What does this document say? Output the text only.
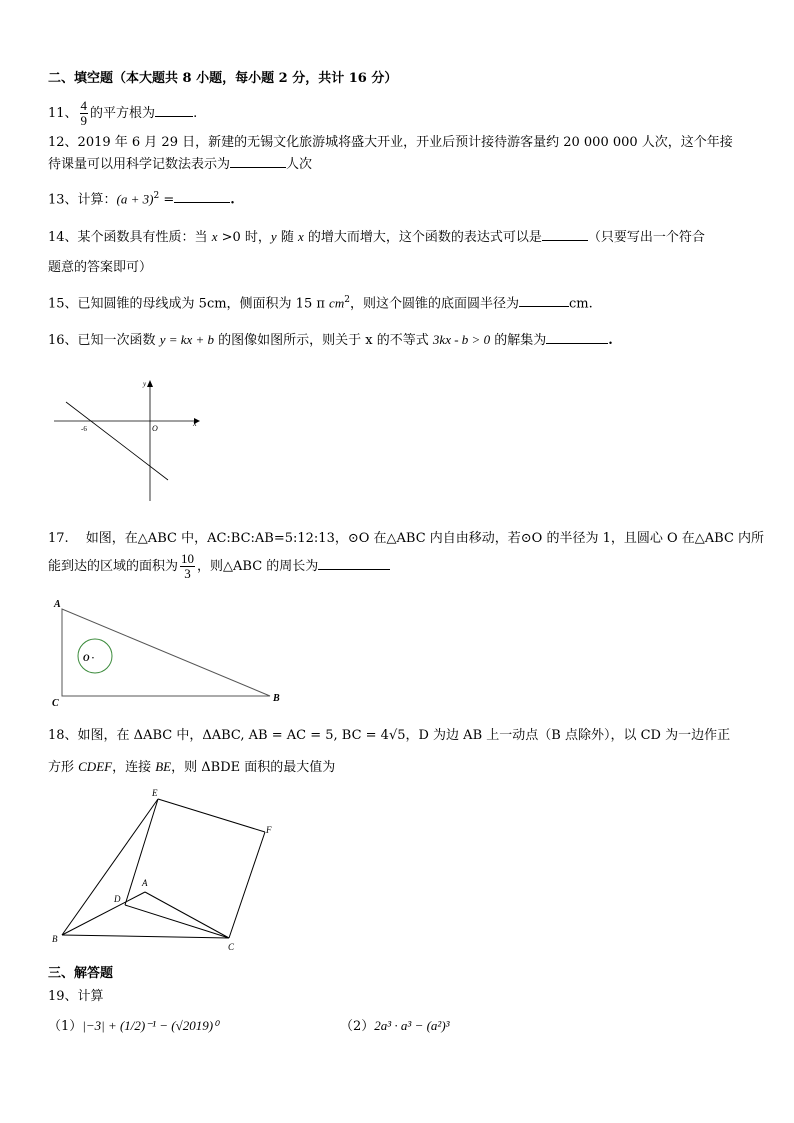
二、填空题（本大题共 8 小题，每小题 2 分，共计 16 分）
11、 $\frac{4}{9}$ 的平方根为	.
12、2019 年 6 月 29 日，新建的无锡文化旅游城将盛大开业，开业后预计接待游客量约 20 000 000 人次，这个年接
待课量可以用科学记数法表示为	人次
13、计算：$(a + 3)^2$ =	.
14、某个函数具有性质：当 x >0 时，y 随 x 的增大而增大，这个函数的表达式可以是	（只要写出一个符合
题意的答案即可）
15、已知圆锥的母线成为 5cm，侧面积为 15 π $cm^2$，则这个圆锥的底面圆半径为	cm.
16、已知一次函数 y = kx + b 的图像如图所示，则关于 x 的不等式 3kx - b > 0 的解集为	.
y
x
O
-6
17.　 如图，在△ABC 中，AC:BC:AB=5:12:13，⊙O 在△ABC 内自由移动，若⊙O 的半径为 1，且圆心 O 在△ABC 内所
能到达的区域的面积为 $\frac{10}{3}$ ，则△ABC 的周长为
A
C	B
O ·
18、如图，在 ΔABC 中，ΔABC, AB = AC = 5, BC = 4√5，D 为边 AB 上一动点（B 点除外），以 CD 为一边作正
方形 CDEF，连接 BE，则 ΔBDE 面积的最大值为
E
F
A
D
B
C
三、解答题
19、计算
（1）|−3| + (1/2)⁻¹ − (√2019)⁰	（2）2a³ · a³ − (a²)³
